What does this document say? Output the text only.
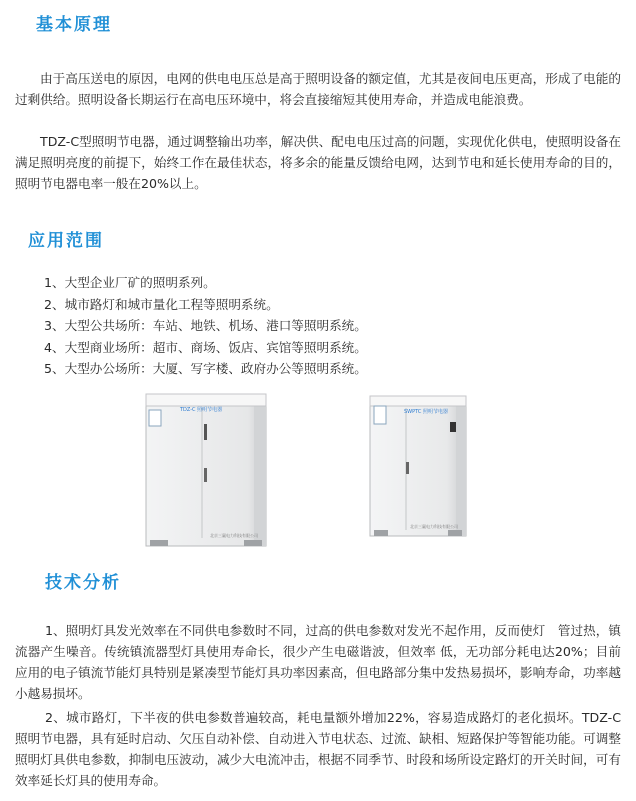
基本原理

由于高压送电的原因，电网的供电电压总是高于照明设备的额定值，尤其是夜间电压更高，形成了电能的过剩供给。照明设备长期运行在高电压环境中，将会直接缩短其使用寿命，并造成电能浪费。

TDZ-C型照明节电器，通过调整输出功率，解决供、配电电压过高的问题，实现优化供电，使照明设备在满足照明亮度的前提下，始终工作在最佳状态，将多余的能量反馈给电网，达到节电和延长使用寿命的目的，照明节电器电率一般在20%以上。

应用范围
1、大型企业厂矿的照明系列。
2、城市路灯和城市量化工程等照明系统。
3、大型公共场所：车站、地铁、机场、港口等照明系统。
4、大型商业场所：超市、商场、饭店、宾馆等照明系统。
5、大型办公场所：大厦、写字楼、政府办公等照明系统。
TDZ-C 照明节电器
北京三赢电力科技有限公司
SWPTC 照明节电器
北京三赢电力科技有限公司
技术分析

1、照明灯具发光效率在不同供电参数时不同，过高的供电参数对发光不起作用，反而使灯　管过热，镇流器产生噪音。传统镇流器型灯具使用寿命长，很少产生电磁谐波，但效率 低，无功部分耗电达20%；目前应用的电子镇流节能灯具特别是紧凑型节能灯具功率因素高，但电路部分集中发热易损坏，影响寿命，功率越小越易损坏。

2、城市路灯，下半夜的供电参数普遍较高，耗电量额外增加22%，容易造成路灯的老化损坏。TDZ-C照明节电器，具有延时启动、欠压自动补偿、自动进入节电状态、过流、缺相、短路保护等智能功能。可调整照明灯具供电参数，抑制电压波动，减少大电流冲击，根据不同季节、时段和场所设定路灯的开关时间，可有效率延长灯具的使用寿命。
